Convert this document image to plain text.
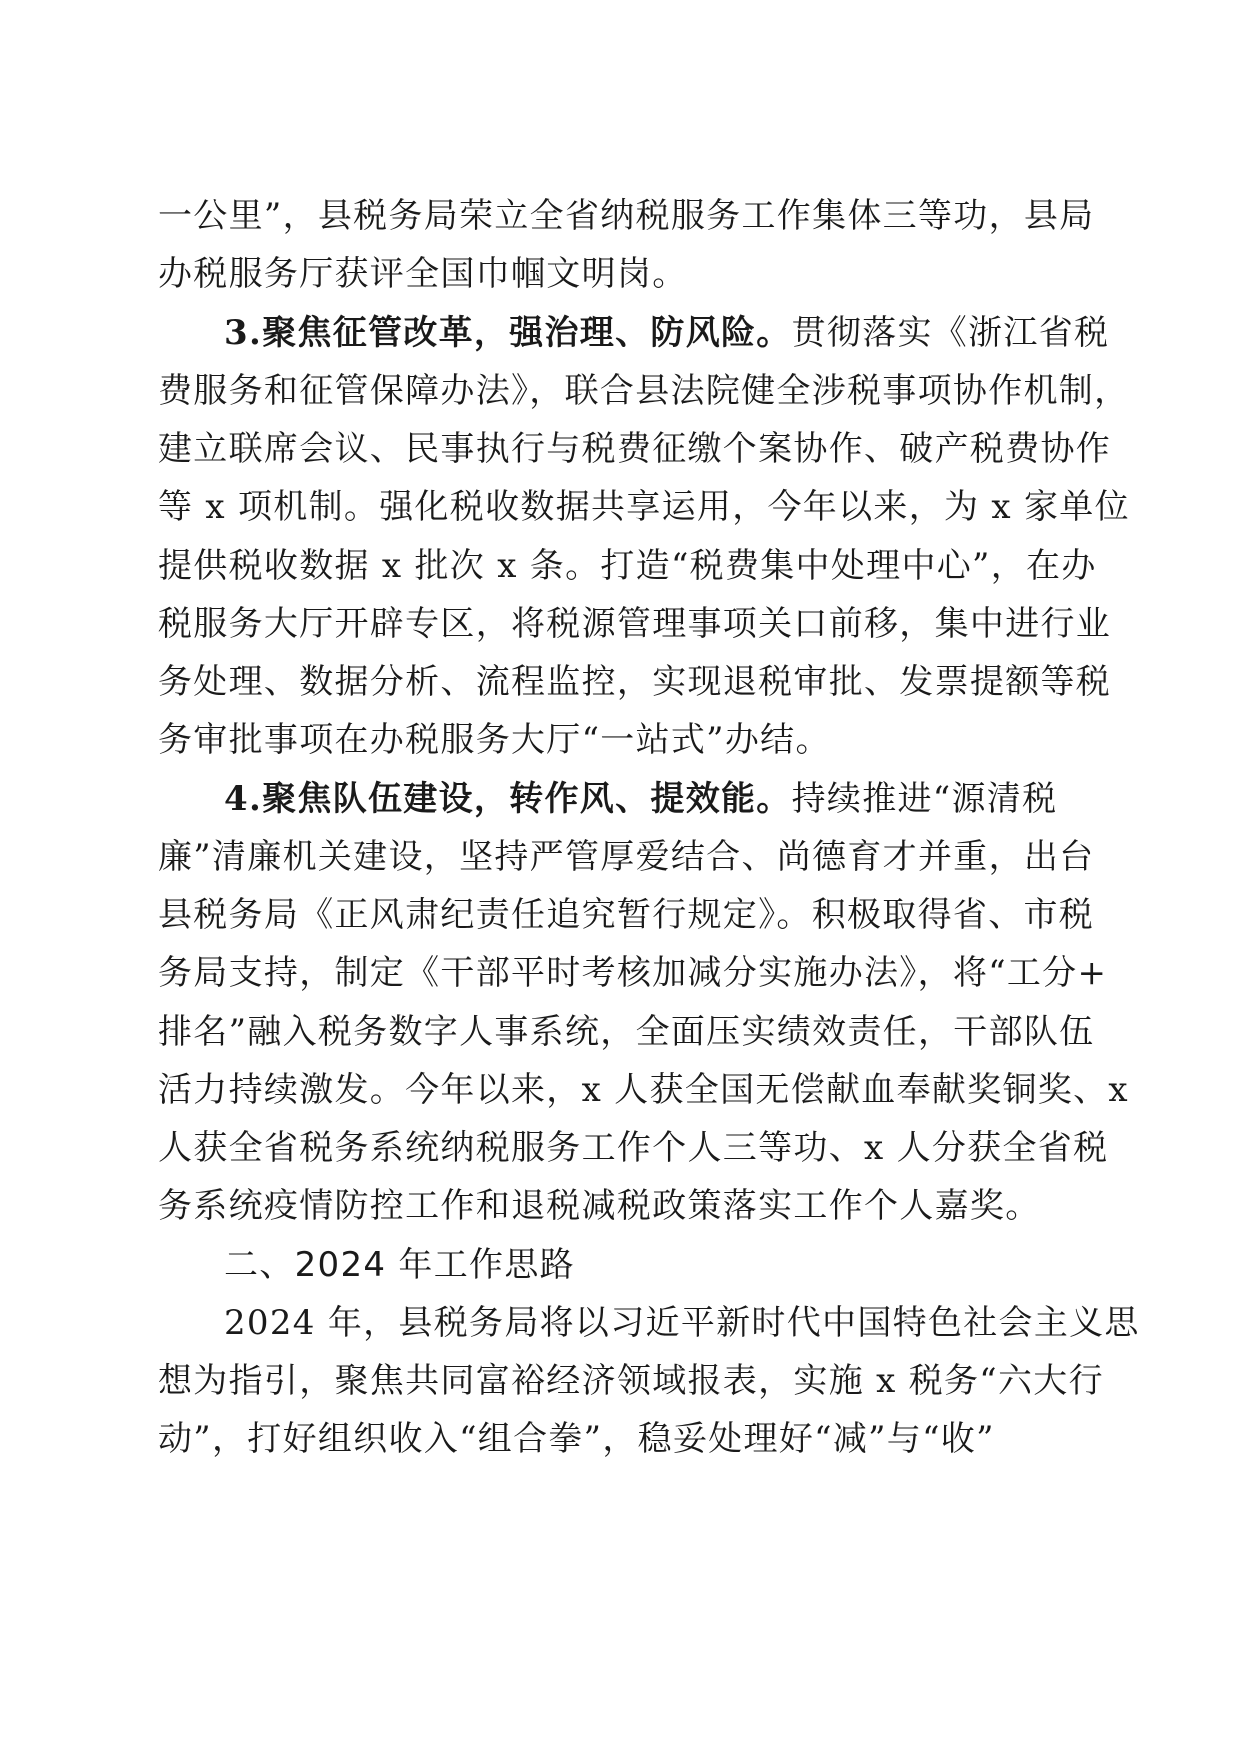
一公里”，县税务局荣立全省纳税服务工作集体三等功，县局
办税服务厅获评全国巾帼文明岗。
3.聚焦征管改革，强治理、防风险。贯彻落实《浙江省税
费服务和征管保障办法》，联合县法院健全涉税事项协作机制，
建立联席会议、民事执行与税费征缴个案协作、破产税费协作
等 x 项机制。强化税收数据共享运用，今年以来，为 x 家单位
提供税收数据 x 批次 x 条。打造“税费集中处理中心”，在办
税服务大厅开辟专区，将税源管理事项关口前移，集中进行业
务处理、数据分析、流程监控，实现退税审批、发票提额等税
务审批事项在办税服务大厅“一站式”办结。
4.聚焦队伍建设，转作风、提效能。持续推进“源清税
廉”清廉机关建设，坚持严管厚爱结合、尚德育才并重，出台
县税务局《正风肃纪责任追究暂行规定》。积极取得省、市税
务局支持，制定《干部平时考核加减分实施办法》，将“工分+
排名”融入税务数字人事系统，全面压实绩效责任，干部队伍
活力持续激发。今年以来，x 人获全国无偿献血奉献奖铜奖、x
人获全省税务系统纳税服务工作个人三等功、x 人分获全省税
务系统疫情防控工作和退税减税政策落实工作个人嘉奖。
二、2024 年工作思路
2024 年，县税务局将以习近平新时代中国特色社会主义思
想为指引，聚焦共同富裕经济领域报表，实施 x 税务“六大行
动”，打好组织收入“组合拳”，稳妥处理好“减”与“收”
